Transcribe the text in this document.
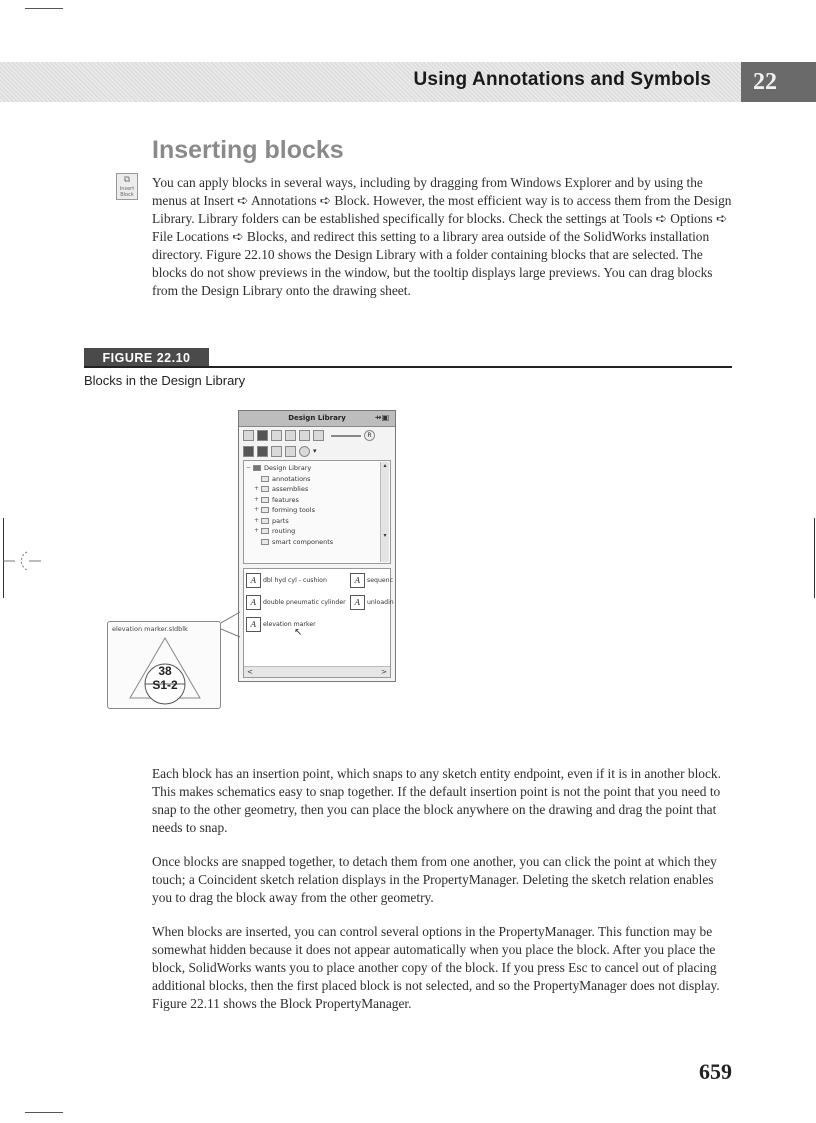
Using Annotations and Symbols	22
Inserting blocks
⧉
Insert Block

You can apply blocks in several ways, including by dragging from Windows Explorer and by using the menus at Insert ➪ Annotations ➪ Block. However, the most efficient way is to access them from the Design Library. Library folders can be established specifically for blocks. Check the settings at Tools ➪ Options ➪ File Locations ➪ Blocks, and redirect this setting to a library area outside of the SolidWorks installation directory. Figure 22.10 shows the Design Library with a folder containing blocks that are selected. The blocks do not show previews in the window, but the tooltip displays large previews. You can drag blocks from the Design Library onto the drawing sheet.

FIGURE 22.10

Blocks in the Design Library

Design Library	⇸▣
R
▾
−	Design Library
annotations
+	assemblies
+	features
+	forming tools
+	parts
+	routing
smart components
▴

▾
A	dbl hyd cyl - cushion	A	sequenc
A	double pneumatic cylinder	A	unloadin
A	elevation marker
↖
<	>
elevation marker.sldblk
38
S1-2

Each block has an insertion point, which snaps to any sketch entity endpoint, even if it is in another block. This makes schematics easy to snap together. If the default insertion point is not the point that you need to snap to the other geometry, then you can place the block anywhere on the drawing and drag the point that needs to snap.

Once blocks are snapped together, to detach them from one another, you can click the point at which they touch; a Coincident sketch relation displays in the PropertyManager. Deleting the sketch relation enables you to drag the block away from the other geometry.

When blocks are inserted, you can control several options in the PropertyManager. This function may be somewhat hidden because it does not appear automatically when you place the block. After you place the block, SolidWorks wants you to place another copy of the block. If you press Esc to cancel out of placing additional blocks, then the first placed block is not selected, and so the PropertyManager does not display. Figure 22.11 shows the Block PropertyManager.

659
